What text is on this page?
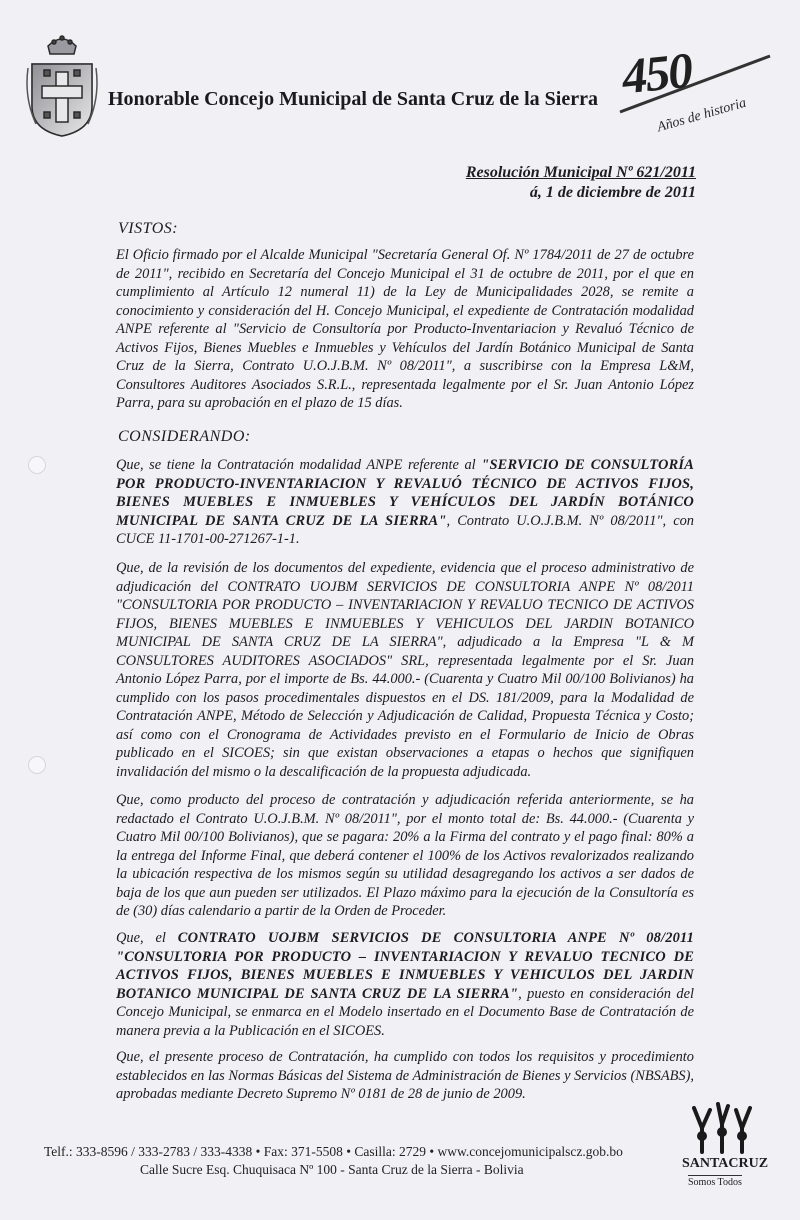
Honorable Concejo Municipal de Santa Cruz de la Sierra 450
Años de historia
Resolución Municipal Nº 621/2011
á, 1 de diciembre de 2011
VISTOS:
El Oficio firmado por el Alcalde Municipal "Secretaría General Of. Nº 1784/2011 de 27 de octubre de 2011", recibido en Secretaría del Concejo Municipal el 31 de octubre de 2011, por el que en cumplimiento al Artículo 12 numeral 11) de la Ley de Municipalidades 2028, se remite a conocimiento y consideración del H. Concejo Municipal, el expediente de Contratación modalidad ANPE referente al "Servicio de Consultoría por Producto-Inventariacion y Revaluó Técnico de Activos Fijos, Bienes Muebles e Inmuebles y Vehículos del Jardín Botánico Municipal de Santa Cruz de la Sierra, Contrato U.O.J.B.M. Nº 08/2011", a suscribirse con la Empresa L&M, Consultores Auditores Asociados S.R.L., representada legalmente por el Sr. Juan Antonio López Parra, para su aprobación en el plazo de 15 días.
CONSIDERANDO:
Que, se tiene la Contratación modalidad ANPE referente al "SERVICIO DE CONSULTORÍA POR PRODUCTO-INVENTARIACION Y REVALUÓ TÉCNICO DE ACTIVOS FIJOS, BIENES MUEBLES E INMUEBLES Y VEHÍCULOS DEL JARDÍN BOTÁNICO MUNICIPAL DE SANTA CRUZ DE LA SIERRA", Contrato U.O.J.B.M. Nº 08/2011", con CUCE 11-1701-00-271267-1-1.
Que, de la revisión de los documentos del expediente, evidencia que el proceso administrativo de adjudicación del CONTRATO UOJBM SERVICIOS DE CONSULTORIA ANPE Nº 08/2011 "CONSULTORIA POR PRODUCTO – INVENTARIACION Y REVALUO TECNICO DE ACTIVOS FIJOS, BIENES MUEBLES E INMUEBLES Y VEHICULOS DEL JARDIN BOTANICO MUNICIPAL DE SANTA CRUZ DE LA SIERRA", adjudicado a la Empresa "L & M CONSULTORES AUDITORES ASOCIADOS" SRL, representada legalmente por el Sr. Juan Antonio López Parra, por el importe de Bs. 44.000.- (Cuarenta y Cuatro Mil 00/100 Bolivianos) ha cumplido con los pasos procedimentales dispuestos en el DS. 181/2009, para la Modalidad de Contratación ANPE, Método de Selección y Adjudicación de Calidad, Propuesta Técnica y Costo; así como con el Cronograma de Actividades previsto en el Formulario de Inicio de Obras publicado en el SICOES; sin que existan observaciones a etapas o hechos que signifiquen invalidación del mismo o la descalificación de la propuesta adjudicada.
Que, como producto del proceso de contratación y adjudicación referida anteriormente, se ha redactado el Contrato U.O.J.B.M. Nº 08/2011", por el monto total de: Bs. 44.000.- (Cuarenta y Cuatro Mil 00/100 Bolivianos), que se pagara: 20% a la Firma del contrato y el pago final: 80% a la entrega del Informe Final, que deberá contener el 100% de los Activos revalorizados realizando la ubicación respectiva de los mismos según su utilidad desagregando los activos a ser dados de baja de los que aun pueden ser utilizados. El Plazo máximo para la ejecución de la Consultoría es de (30) días calendario a partir de la Orden de Proceder.
Que, el CONTRATO UOJBM SERVICIOS DE CONSULTORIA ANPE Nº 08/2011 "CONSULTORIA POR PRODUCTO – INVENTARIACION Y REVALUO TECNICO DE ACTIVOS FIJOS, BIENES MUEBLES E INMUEBLES Y VEHICULOS DEL JARDIN BOTANICO MUNICIPAL DE SANTA CRUZ DE LA SIERRA", puesto en consideración del Concejo Municipal, se enmarca en el Modelo insertado en el Documento Base de Contratación de manera previa a la Publicación en el SICOES.
Que, el presente proceso de Contratación, ha cumplido con todos los requisitos y procedimiento establecidos en las Normas Básicas del Sistema de Administración de Bienes y Servicios (NBSABS), aprobadas mediante Decreto Supremo Nº 0181 de 28 de junio de 2009.
Telf.: 333-8596 / 333-2783 / 333-4338 • Fax: 371-5508 • Casilla: 2729 • www.concejomunicipalscz.gob.bo
Calle Sucre Esq. Chuquisaca Nº 100 - Santa Cruz de la Sierra - Bolivia	SANTACRUZ
Somos Todos
